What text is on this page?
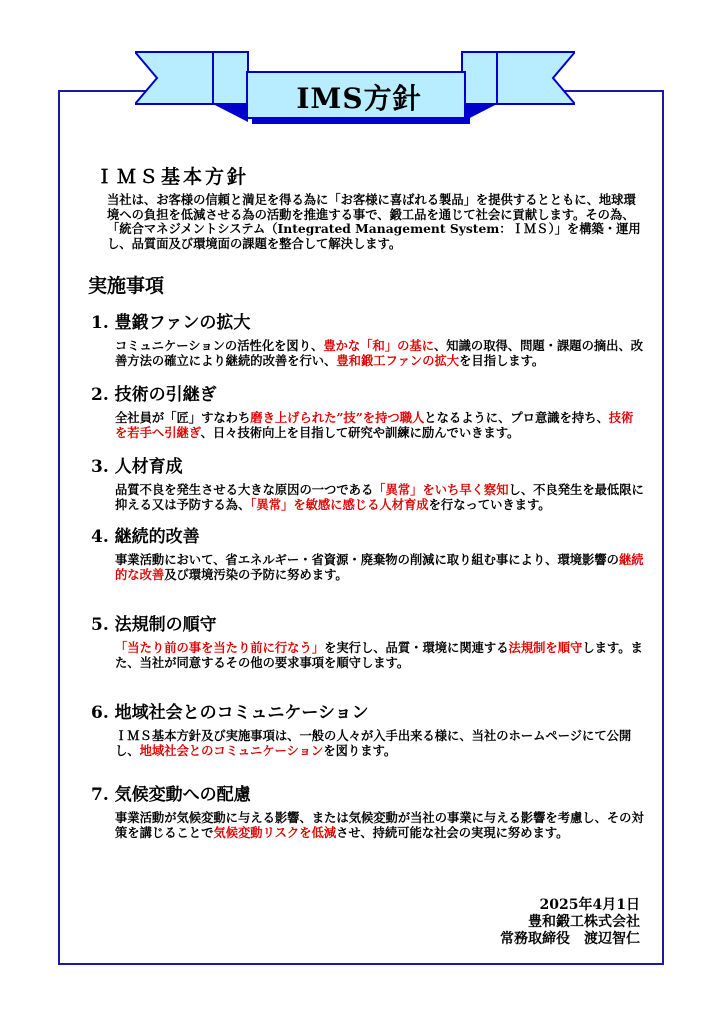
IMS方針
ＩＭＳ基本方針
当社は、お客様の信頼と満足を得る為に「お客様に喜ばれる製品」を提供するとともに、地球環境への負担を低減させる為の活動を推進する事で、鍛工品を通じて社会に貢献します。その為、「統合マネジメントシステム（Integrated Management System：ＩＭＳ）」を構築・運用し、品質面及び環境面の課題を整合して解決します。
実施事項
1. 豊鍛ファンの拡大
コミュニケーションの活性化を図り、豊かな「和」の基に、知識の取得、問題・課題の摘出、改善方法の確立により継続的改善を行い、豊和鍛工ファンの拡大を目指します。
2. 技術の引継ぎ
全社員が「匠」すなわち磨き上げられた”技”を持つ職人となるように、プロ意識を持ち、技術を若手へ引継ぎ、日々技術向上を目指して研究や訓練に励んでいきます。
3. 人材育成
品質不良を発生させる大きな原因の一つである「異常」をいち早く察知し、不良発生を最低限に抑える又は予防する為、「異常」を敏感に感じる人材育成を行なっていきます。
4. 継続的改善
事業活動において、省エネルギー・省資源・廃棄物の削減に取り組む事により、環境影響の継続的な改善及び環境汚染の予防に努めます。
5. 法規制の順守
「当たり前の事を当たり前に行なう」を実行し、品質・環境に関連する法規制を順守します。また、当社が同意するその他の要求事項を順守します。
6. 地域社会とのコミュニケーション
ＩＭＳ基本方針及び実施事項は、一般の人々が入手出来る様に、当社のホームページにて公開し、地域社会とのコミュニケーションを図ります。
7. 気候変動への配慮
事業活動が気候変動に与える影響、または気候変動が当社の事業に与える影響を考慮し、その対策を講じることで気候変動リスクを低減させ、持続可能な社会の実現に努めます。
2025年4月1日
豊和鍛工株式会社
常務取締役　渡辺智仁
